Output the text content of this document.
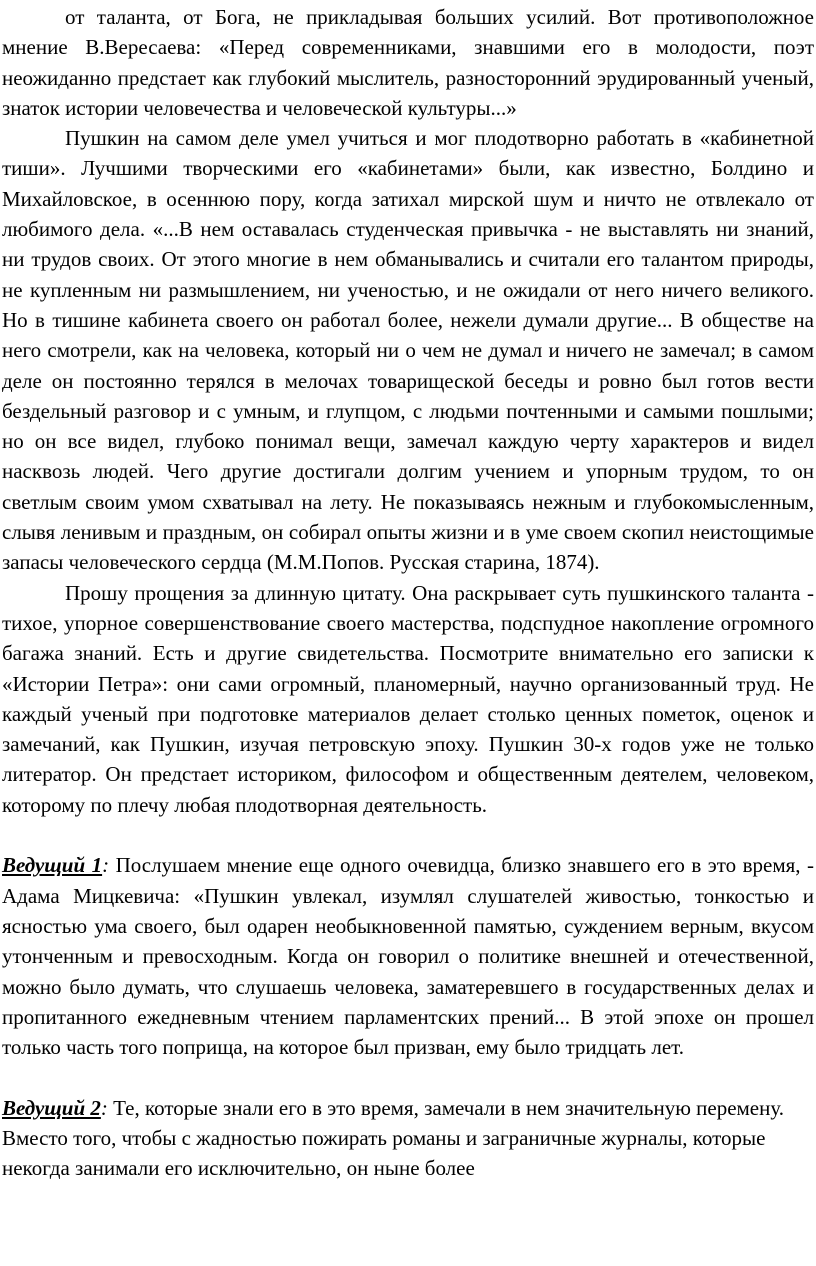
от таланта, от Бога, не прикладывая больших усилий. Вот противоположное мнение В.Вересаева: «Перед современниками, знавшими его в молодости, поэт неожиданно предстает как глубокий мыслитель, разносторонний эрудированный ученый, знаток истории человечества и человеческой культуры...»

Пушкин на самом деле умел учиться и мог плодотворно работать в «кабинетной тиши». Лучшими творческими его «кабинетами» были, как известно, Болдино и Михайловское, в осеннюю пору, когда затихал мирской шум и ничто не отвлекало от любимого дела. «...В нем оставалась студенческая привычка - не выставлять ни знаний, ни трудов своих. От этого многие в нем обманывались и считали его талантом природы, не купленным ни размышлением, ни ученостью, и не ожидали от него ничего великого. Но в тишине кабинета своего он работал более, нежели думали другие... В обществе на него смотрели, как на человека, который ни о чем не думал и ничего не замечал; в самом деле он постоянно терялся в мелочах товарищеской беседы и ровно был готов вести бездельный разговор и с умным, и глупцом, с людьми почтенными и самыми пошлыми; но он все видел, глубоко понимал вещи, замечал каждую черту характеров и видел насквозь людей. Чего другие достигали долгим учением и упорным трудом, то он светлым своим умом схватывал на лету. Не показываясь нежным и глубокомысленным, слывя ленивым и праздным, он собирал опыты жизни и в уме своем скопил неистощимые запасы человеческого сердца (М.М.Попов. Русская старина, 1874).

Прошу прощения за длинную цитату. Она раскрывает суть пушкинского таланта - тихое, упорное совершенствование своего мастерства, подспудное накопление огромного багажа знаний. Есть и другие свидетельства. Посмотрите внимательно его записки к «Истории Петра»: они сами огромный, планомерный, научно организованный труд. Не каждый ученый при подготовке материалов делает столько ценных пометок, оценок и замечаний, как Пушкин, изучая петровскую эпоху. Пушкин 30-х годов уже не только литератор. Он предстает историком, философом и общественным деятелем, человеком, которому по плечу любая плодотворная деятельность.

Ведущий 1: Послушаем мнение еще одного очевидца, близко знавшего его в это время, - Адама Мицкевича: «Пушкин увлекал, изумлял слушателей живостью, тонкостью и ясностью ума своего, был одарен необыкновенной памятью, суждением верным, вкусом утонченным и превосходным. Когда он говорил о политике внешней и отечественной, можно было думать, что слушаешь человека, заматеревшего в государственных делах и пропитанного ежедневным чтением парламентских прений... В этой эпохе он прошел только часть того поприща, на которое был призван, ему было тридцать лет.

Ведущий 2: Те, которые знали его в это время, замечали в нем значительную перемену. Вместо того, чтобы с жадностью пожирать романы и заграничные журналы, которые некогда занимали его исключительно, он ныне более
